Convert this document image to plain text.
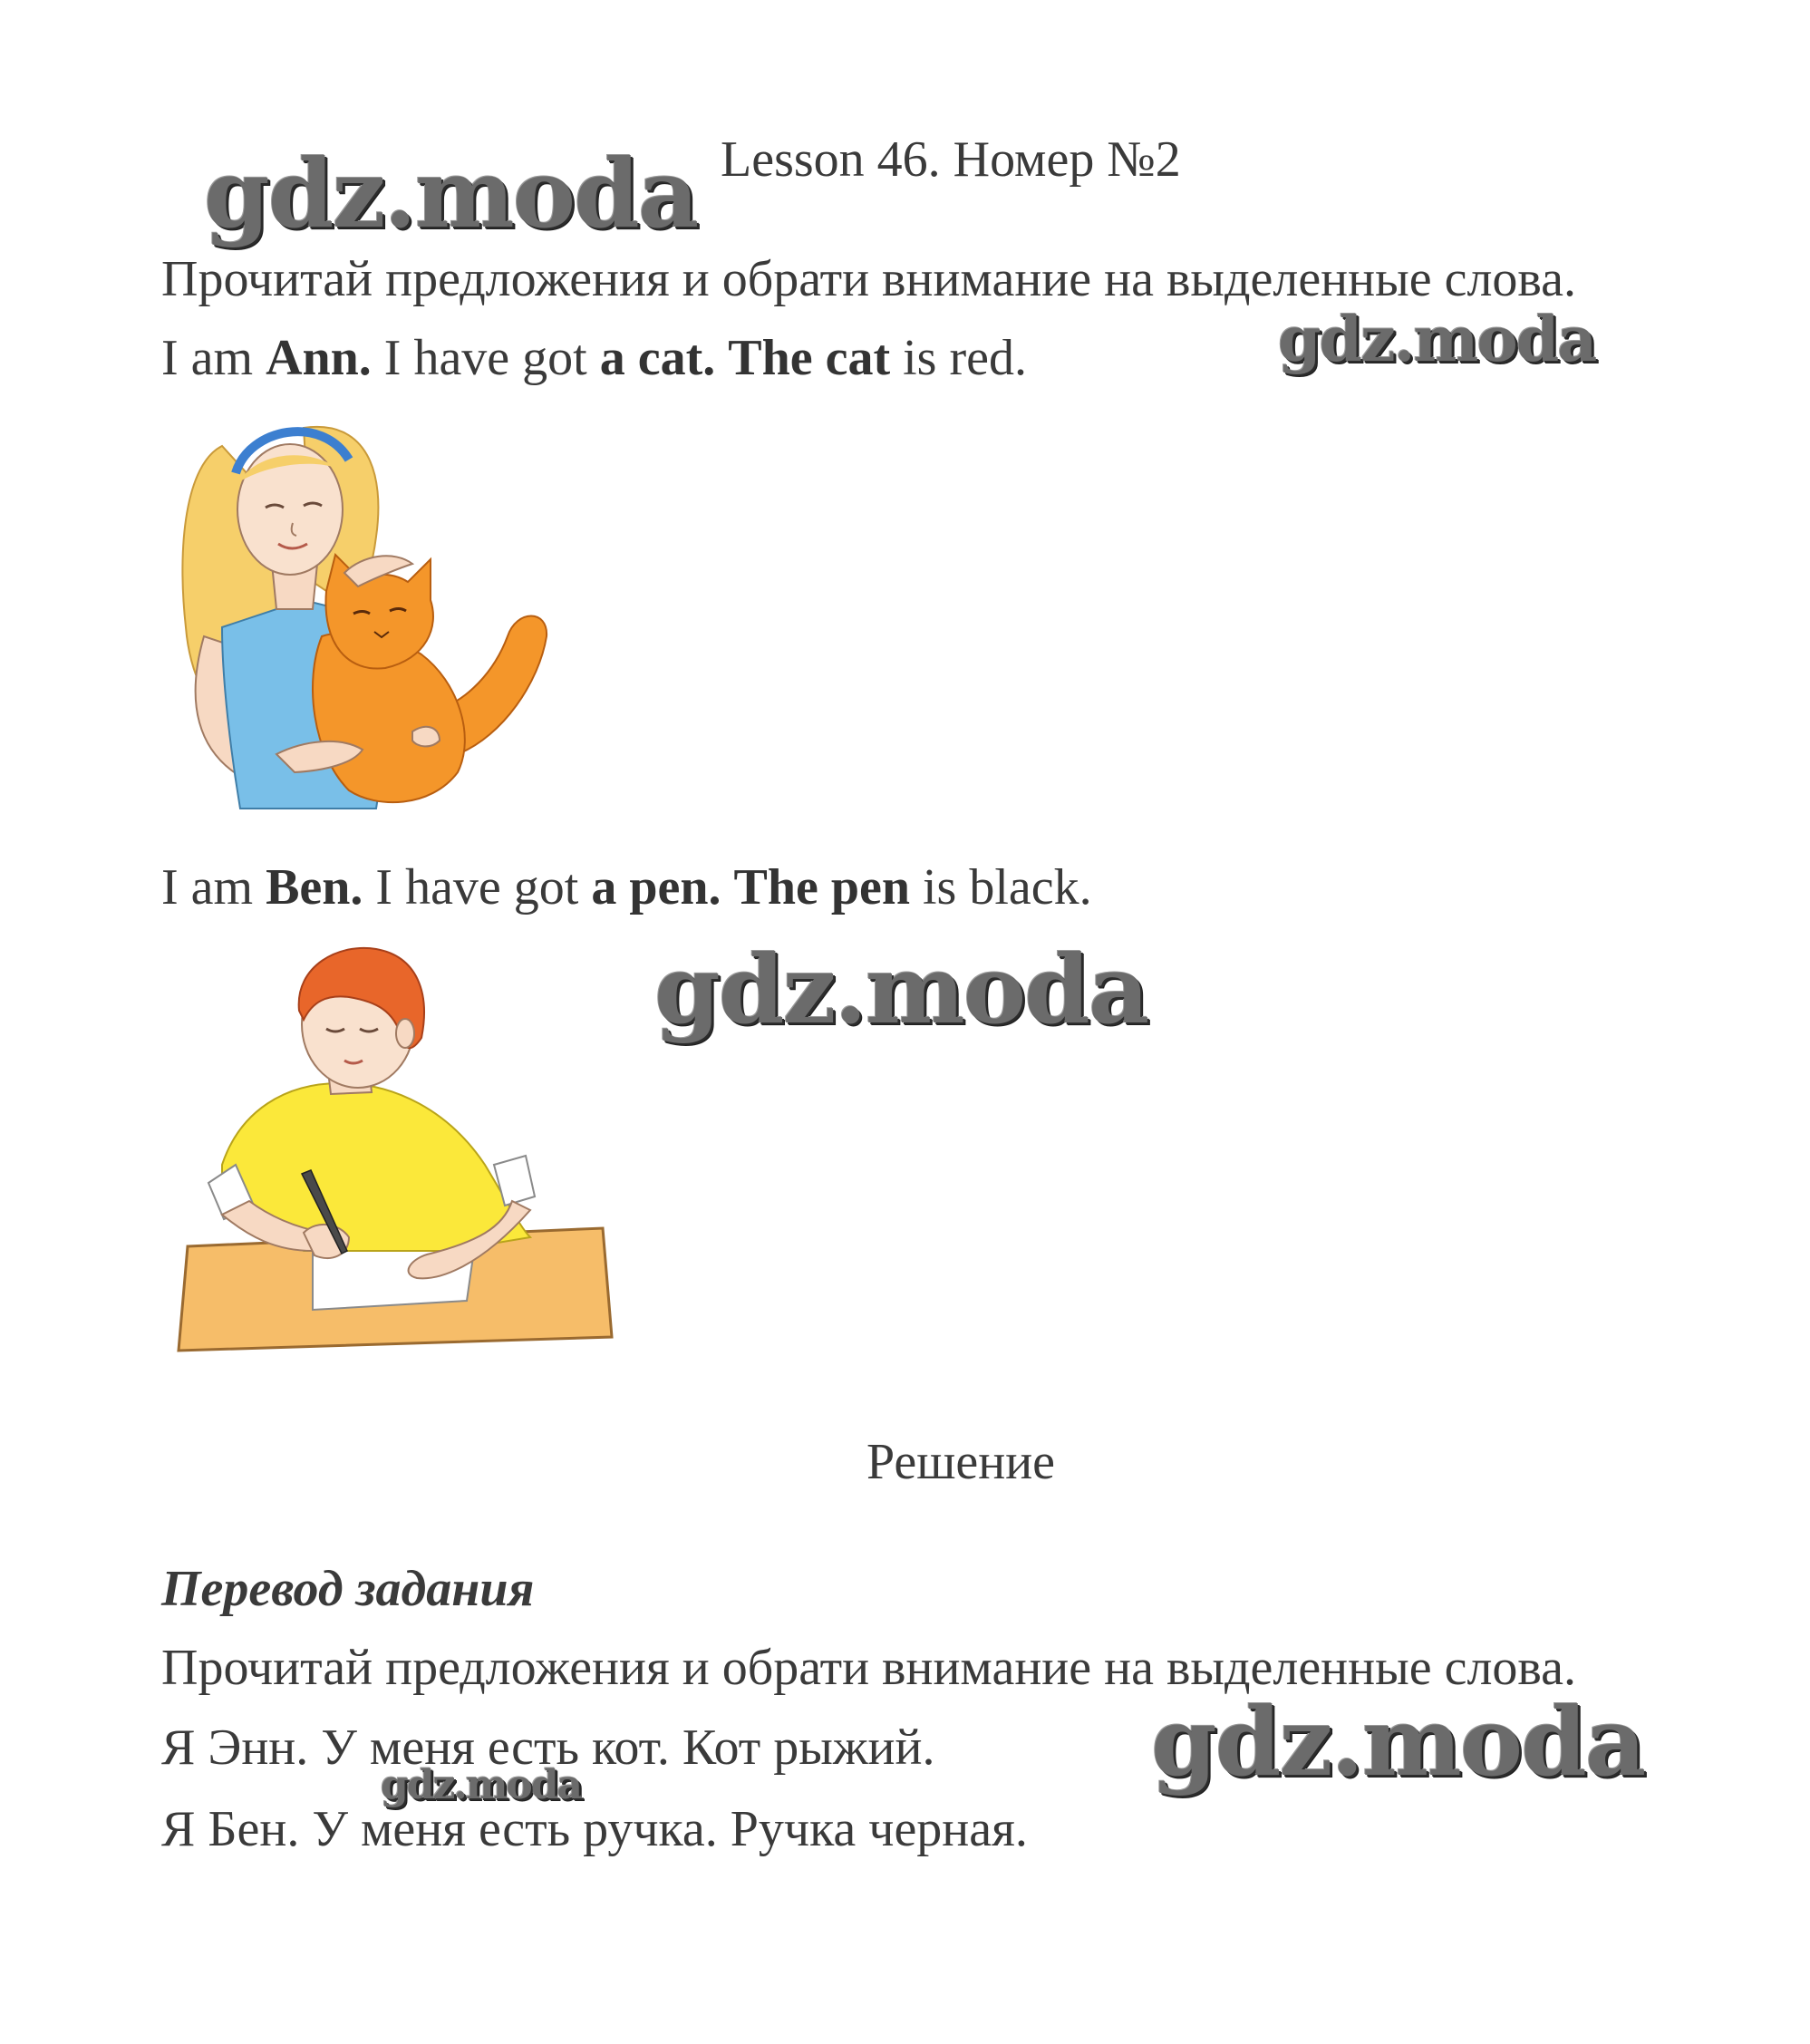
Lesson 46. Номер №2
gdz.moda
Прочитай предложения и обрати внимание на выделенные слова.
I am Ann. I have got a cat. The cat is red.	gdz.moda
I am Ben. I have got a pen. The pen is black.
gdz.moda
Решение
Перевод задания
Прочитай предложения и обрати внимание на выделенные слова.
Я Энн. У меня есть кот. Кот рыжий. gdz.moda
Я Бен. У меня есть ручка. Ручка черная.
gdz.moda
